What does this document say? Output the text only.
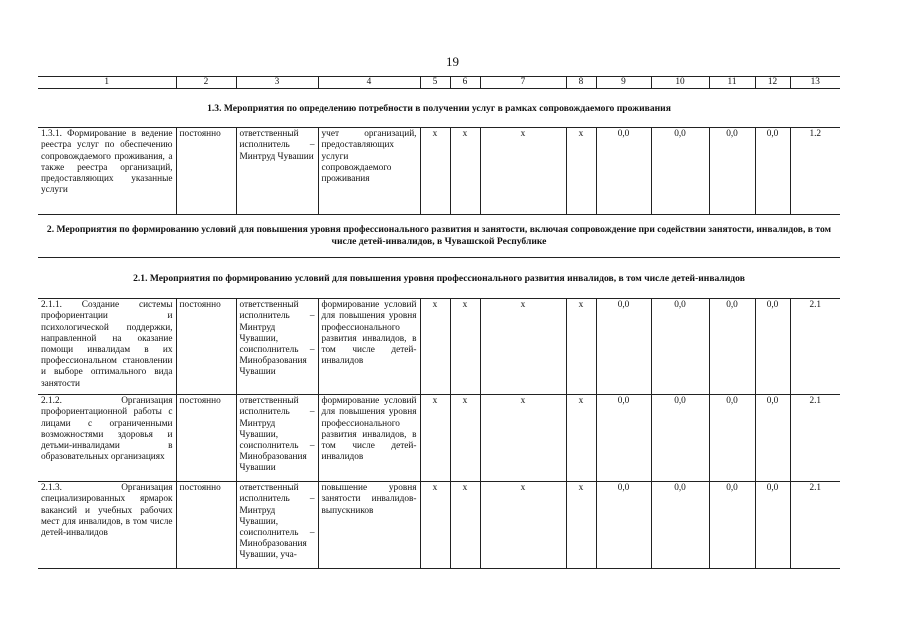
19
1	2	3	4	5	6	7	8	9	10	11	12	13
1.3. Мероприятия по определению потребности в получении услуг в рамках сопровождаемого проживания												
1.3.1. Формирование в ведение реестра услуг по обеспечению сопровождаемого проживания, а также реестра организаций, предоставляющих указанные услуги	постоянно	ответственный исполнитель – Минтруд Чувашии	учет организаций, предоставляющих услуги сопровождаемого проживания	x	x	x	x	0,0	0,0	0,0	0,0	1.2
2. Мероприятия по формированию условий для повышения уровня профессионального развития и занятости, включая сопровождение при содействии занятости, инвалидов, в том числе детей-инвалидов, в Чувашской Республике												
2.1. Мероприятия по формированию условий для повышения уровня профессионального развития инвалидов, в том числе детей-инвалидов												
2.1.1. Создание системы профориентации и психологической поддержки, направленной на оказание помощи инвалидам в их профессиональном становлении и выборе оптимального вида занятости	постоянно	ответственный исполнитель – Минтруд Чувашии, соисполнитель – Минобразования Чувашии	формирование условий для повышения уровня профессионального развития инвалидов, в том числе детей-инвалидов	x	x	x	x	0,0	0,0	0,0	0,0	2.1
2.1.2. Организация профориентационной работы с лицами с ограниченными возможностями здоровья и детьми-инвалидами в образовательных организациях	постоянно	ответственный исполнитель – Минтруд Чувашии, соисполнитель – Минобразования Чувашии	формирование условий для повышения уровня профессионального развития инвалидов, в том числе детей-инвалидов	x	x	x	x	0,0	0,0	0,0	0,0	2.1
2.1.3. Организация специализированных ярмарок вакансий и учебных рабочих мест для инвалидов, в том числе детей-инвалидов	постоянно	ответственный исполнитель – Минтруд Чувашии, соисполнитель – Минобразования Чувашии, уча-	повышение уровня занятости инвалидов-выпускников	x	x	x	x	0,0	0,0	0,0	0,0	2.1
